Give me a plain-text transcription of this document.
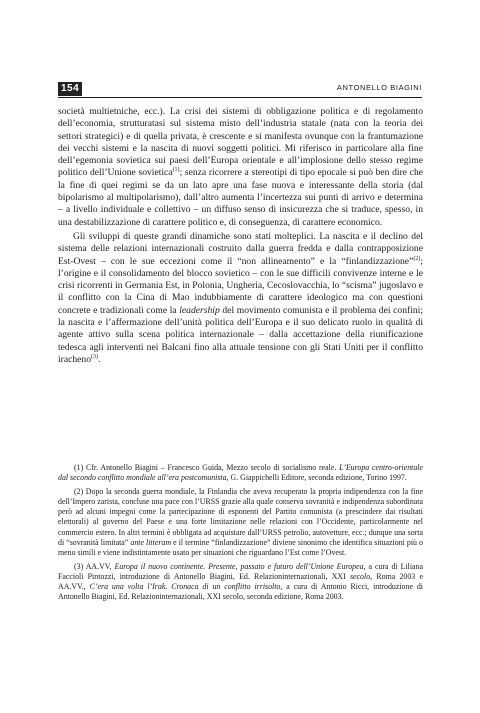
154	ANTONELLO BIAGINI

società multietniche, ecc.). La crisi dei sistemi di obbligazione politica e di regolamento dell’economia, strutturatasi sul sistema misto dell’industria statale (nata con la teoria dei settori strategici) e di quella privata, è crescente e si manifesta ovunque con la frantumazione dei vecchi sistemi e la nascita di nuovi soggetti politici. Mi riferisco in particolare alla fine dell’egemonia sovietica sui paesi dell’Europa orientale e all’implosione dello stesso regime politico dell’Unione sovietica$^{(1)}$; senza ricorrere a stereotipi di tipo epocale si può ben dire che la fine di quei regimi se da un lato apre una fase nuova e interessante della storia (dal bipolarismo al multipolarismo), dall’altro aumenta l’incertezza sui punti di arrivo e determina – a livello individuale e collettivo – un diffuso senso di insicurezza che si traduce, spesso, in una destabilizzazione di carattere politico e, di conseguenza, di carattere economico.

Gli sviluppi di queste grandi dinamiche sono stati molteplici. La nascita e il declino del sistema delle relazioni internazionali costruito dalla guerra fredda e dalla contrapposizione Est-Ovest – con le sue eccezioni come il “non allineamento” e la “finlandizzazione”$^{(2)}$; l’origine e il consolidamento del blocco sovietico – con le sue difficili convivenze interne e le crisi ricorrenti in Germania Est, in Polonia, Ungheria, Cecoslovacchia, lo “scisma” jugoslavo e il conflitto con la Cina di Mao indubbiamente di carattere ideologico ma con questioni concrete e tradizionali come la leadership del movimento comunista e il problema dei confini; la nascita e l’affermazione dell’unità politica dell’Europa e il suo delicato ruolo in qualità di agente attivo sulla scena politica internazionale – dalla accettazione della riunificazione tedesca agli interventi nei Balcani fino alla attuale tensione con gli Stati Uniti per il conflitto iracheno$^{(3)}$.

(1) Cfr. Antonello Biagini – Francesco Guida, Mezzo secolo di socialismo reale. L’Europa centro-orientale dal secondo conflitto mondiale all’era postcomunista, G. Giappichelli Editore, seconda edizione, Torino 1997.

(2) Dopo la seconda guerra mondiale, la Finlandia che aveva recuperato la propria indipendenza con la fine dell’Impero zarista, concluse una pace con l’URSS grazie alla quale conserva sovranità e indipendenza subordinata però ad alcuni impegni come la partecipazione di esponenti del Partito comunista (a prescindere dai risultati elettorali) al governo del Paese e una forte limitazione nelle relazioni con l’Occidente, particolarmente nel commercio estero. In altri termini è obbligata ad acquistare dall’URSS petrolio, autovetture, ecc.; dunque una sorta di “sovranità limitata” ante litteram e il termine “finlandizzazione” diviene sinonimo che identifica situazioni più o meno simili e viene indistintamente usato per situazioni che riguardano l’Est come l’Ovest.

(3) AA.VV, Europa il nuovo continente. Presente, passato e futuro dell’Unione Europea, a cura di Liliana Faccioli Pintozzi, introduzione di Antonello Biagini, Ed. Relazioninternazionali, XXI secolo, Roma 2003 e AA.VV., C’era una volta l’Irak. Cronaca di un conflitto irrisolto, a cura di Antonio Ricci, introduzione di Antonello Biagini, Ed. Relazioninternazionali, XXI secolo, seconda edizione, Roma 2003.
